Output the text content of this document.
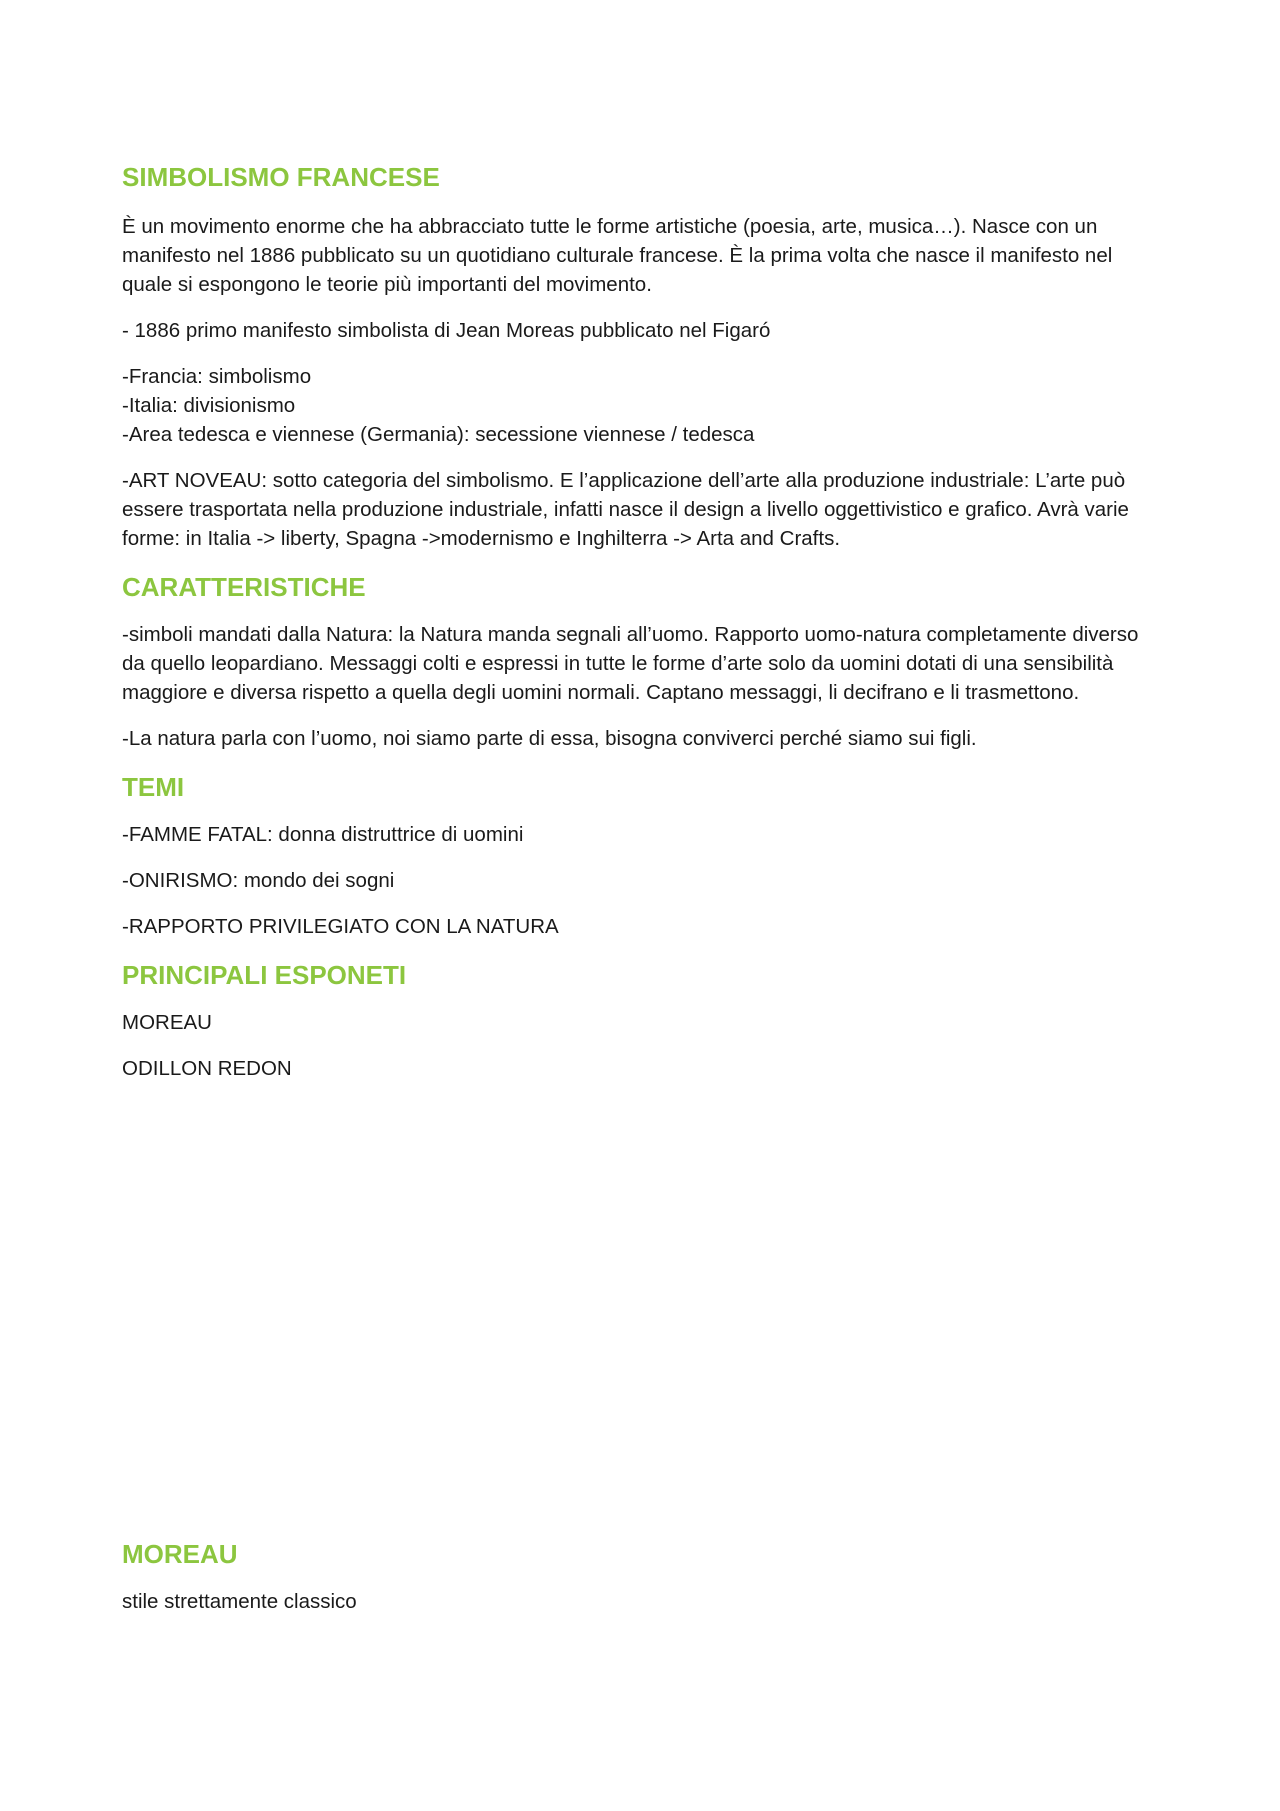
SIMBOLISMO FRANCESE

È un movimento enorme che ha abbracciato tutte le forme artistiche (poesia, arte, musica…). Nasce con un manifesto nel 1886 pubblicato su un quotidiano culturale francese. È la prima volta che nasce il manifesto nel quale si espongono le teorie più importanti del movimento.

- 1886 primo manifesto simbolista di Jean Moreas pubblicato nel Figaró

-Francia: simbolismo
-Italia: divisionismo
-Area tedesca e viennese (Germania): secessione viennese / tedesca

-ART NOVEAU: sotto categoria del simbolismo. E l’applicazione dell’arte alla produzione industriale: L’arte può essere trasportata nella produzione industriale, infatti nasce il design a livello oggettivistico e grafico. Avrà varie forme: in Italia -> liberty, Spagna ->modernismo e Inghilterra -> Arta and Crafts.

CARATTERISTICHE

-simboli mandati dalla Natura: la Natura manda segnali all’uomo. Rapporto uomo-natura completamente diverso da quello leopardiano. Messaggi colti e espressi in tutte le forme d’arte solo da uomini dotati di una sensibilità maggiore e diversa rispetto a quella degli uomini normali. Captano messaggi, li decifrano e li trasmettono.

-La natura parla con l’uomo, noi siamo parte di essa, bisogna conviverci perché siamo sui figli.

TEMI

-FAMME FATAL: donna distruttrice di uomini

-ONIRISMO: mondo dei sogni

-RAPPORTO PRIVILEGIATO CON LA NATURA

PRINCIPALI ESPONETI

MOREAU

ODILLON REDON

MOREAU

stile strettamente classico
